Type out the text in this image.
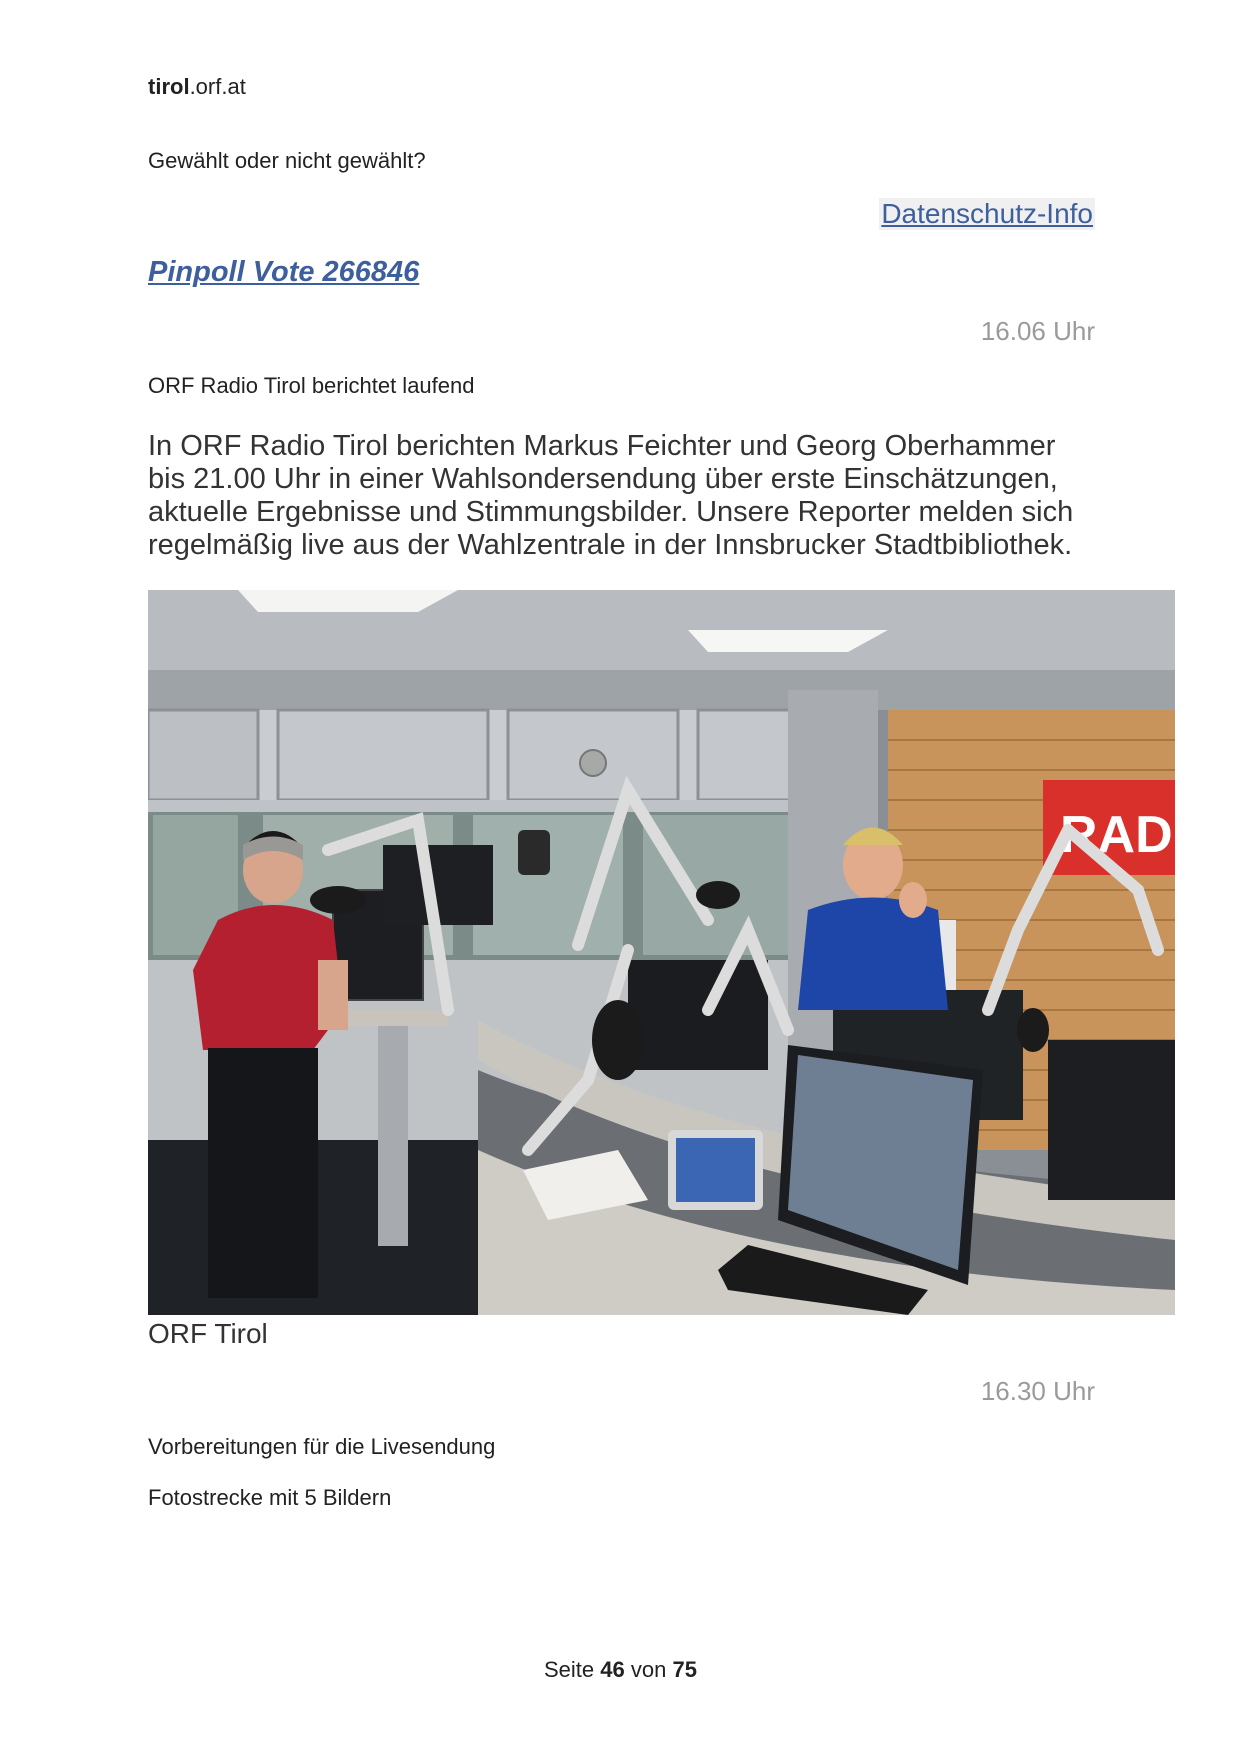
tirol.orf.at
Gewählt oder nicht gewählt?
Datenschutz-Info
Pinpoll Vote 266846
16.06 Uhr
ORF Radio Tirol berichtet laufend
In ORF Radio Tirol berichten Markus Feichter und Georg Oberhammer bis 21.00 Uhr in einer Wahlsondersendung über erste Einschätzungen, aktuelle Ergebnisse und Stimmungsbilder. Unsere Reporter melden sich regelmäßig live aus der Wahlzentrale in der Innsbrucker Stadtbibliothek.
RAD
ORF Tirol
16.30 Uhr
Vorbereitungen für die Livesendung
Fotostrecke mit 5 Bildern
Seite 46 von 75
